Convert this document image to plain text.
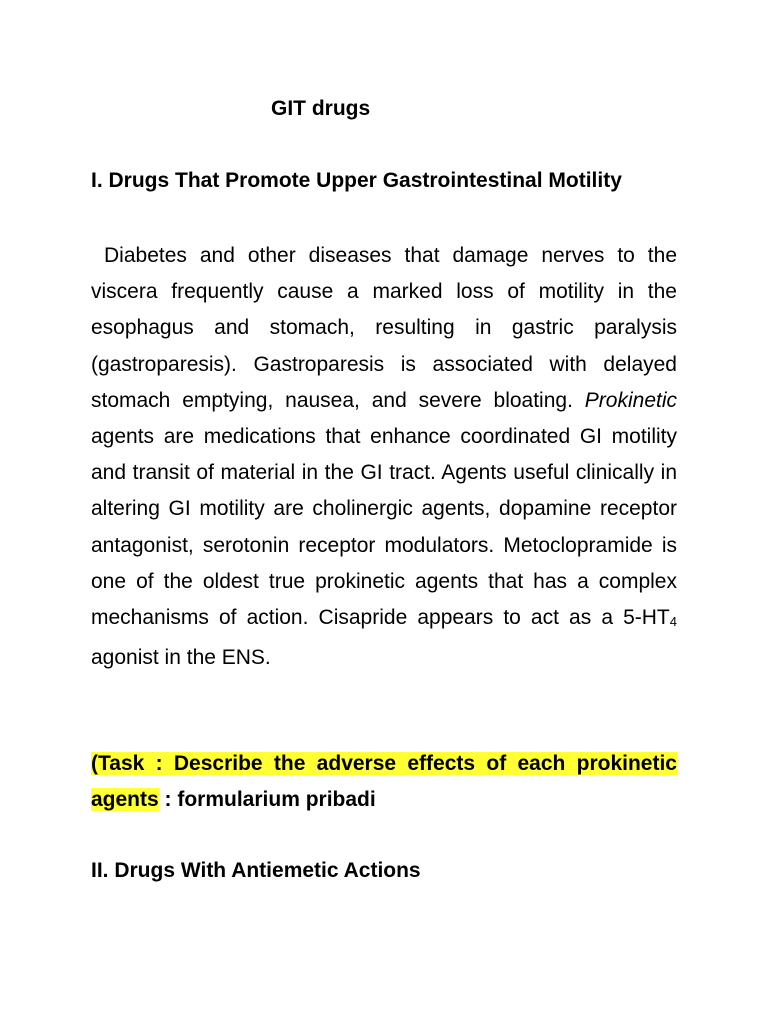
GIT drugs
I. Drugs That Promote Upper Gastrointestinal Motility
Diabetes and other diseases that damage nerves to the viscera frequently cause a marked loss of motility in the esophagus and stomach, resulting in gastric paralysis (gastroparesis). Gastroparesis is associated with delayed stomach emptying, nausea, and severe bloating. Prokinetic agents are medications that enhance coordinated GI motility and transit of material in the GI tract. Agents useful clinically in altering GI motility are cholinergic agents, dopamine receptor antagonist, serotonin receptor modulators. Metoclopramide is one of the oldest true prokinetic agents that has a complex mechanisms of action. Cisapride appears to act as a 5-HT4 agonist in the ENS.
(Task : Describe the adverse effects of each prokinetic agents : formularium pribadi
II. Drugs With Antiemetic Actions
